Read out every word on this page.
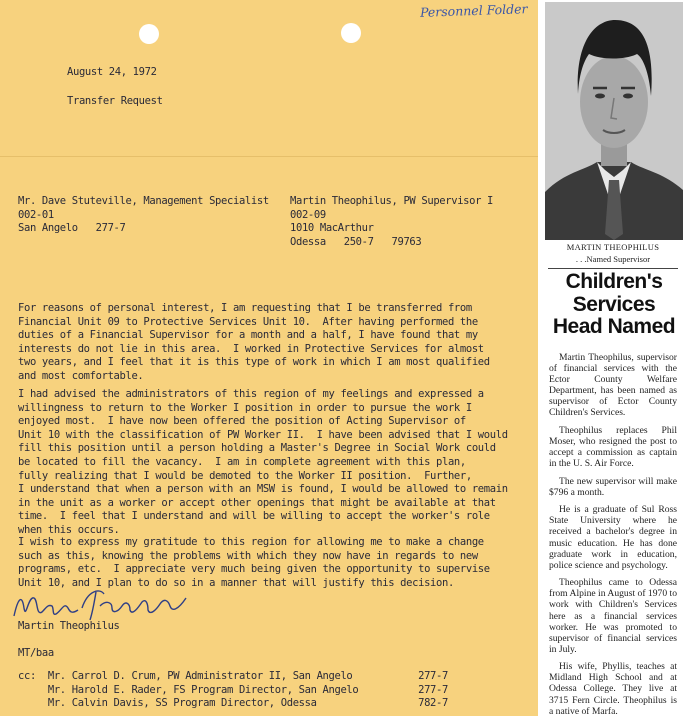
Personnel Folder
August 24, 1972
Transfer Request
Mr. Dave Stuteville, Management Specialist
002-01
San Angelo   277-7
Martin Theophilus, PW Supervisor I
002-09
1010 MacArthur
Odessa   250-7   79763
For reasons of personal interest, I am requesting that I be transferred from
Financial Unit 09 to Protective Services Unit 10.  After having performed the
duties of a Financial Supervisor for a month and a half, I have found that my
interests do not lie in this area.  I worked in Protective Services for almost
two years, and I feel that it is this type of work in which I am most qualified
and most comfortable.
I had advised the administrators of this region of my feelings and expressed a
willingness to return to the Worker I position in order to pursue the work I
enjoyed most.  I have now been offered the position of Acting Supervisor of
Unit 10 with the classification of PW Worker II.  I have been advised that I would
fill this position until a person holding a Master's Degree in Social Work could
be located to fill the vacancy.  I am in complete agreement with this plan,
fully realizing that I would be demoted to the Worker II position.  Further,
I understand that when a person with an MSW is found, I would be allowed to remain
in the unit as a worker or accept other openings that might be available at that
time.  I feel that I understand and will be willing to accept the worker's role
when this occurs.
I wish to express my gratitude to this region for allowing me to make a change
such as this, knowing the problems with which they now have in regards to new
programs, etc.  I appreciate very much being given the opportunity to supervise
Unit 10, and I plan to do so in a manner that will justify this decision.
Martin Theophilus
MT/baa
cc:  Mr. Carrol D. Crum, PW Administrator II, San Angelo           277-7
Mr. Harold E. Rader, FS Program Director, San Angelo          277-7
Mr. Calvin Davis, SS Program Director, Odessa                 782-7
MARTIN THEOPHILUS
. . .Named Supervisor
Children's
Services
Head Named

Martin Theophilus, supervisor of financial services with the Ector County Welfare Department, has been named as supervisor of Ector County Children's Services.

Theophilus replaces Phil Moser, who resigned the post to accept a commission as captain in the U. S. Air Force.

The new supervisor will make $796 a month.

He is a graduate of Sul Ross State University where he received a bachelor's degree in music education. He has done graduate work in education, police science and psychology.

Theophilus came to Odessa from Alpine in August of 1970 to work with Children's Services here as a financial services worker. He was promoted to supervisor of financial services in July.

His wife, Phyllis, teaches at Midland High School and at Odessa College. They live at 3715 Fern Circle. Theophilus is a native of Marfa.
